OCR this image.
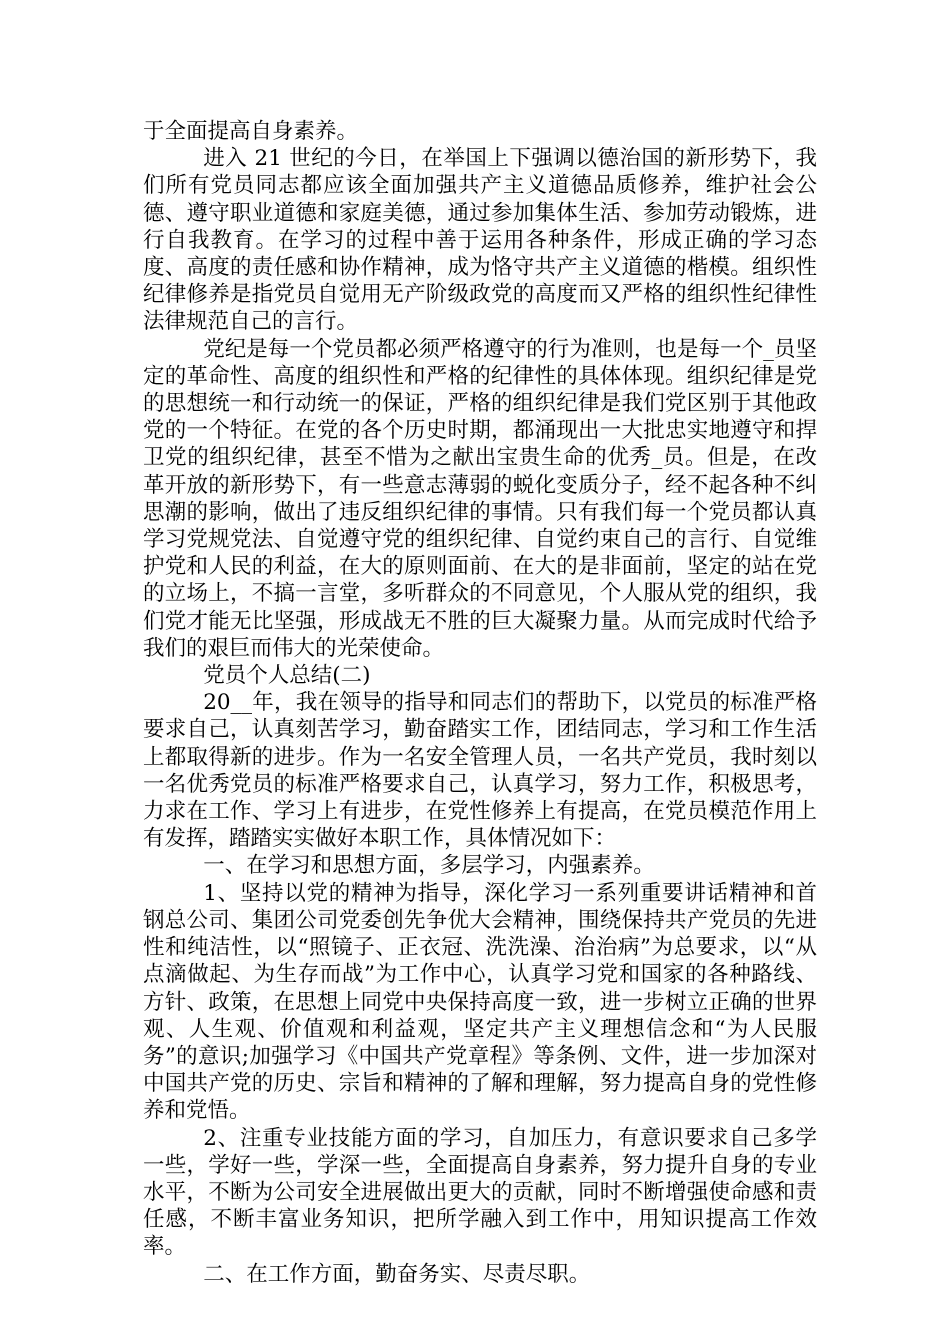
于全面提高自身素养。

进入 21 世纪的今日，在举国上下强调以德治国的新形势下，我们所有党员同志都应该全面加强共产主义道德品质修养，维护社会公德、遵守职业道德和家庭美德，通过参加集体生活、参加劳动锻炼，进行自我教育。在学习的过程中善于运用各种条件，形成正确的学习态度、高度的责任感和协作精神，成为恪守共产主义道德的楷模。组织性纪律修养是指党员自觉用无产阶级政党的高度而又严格的组织性纪律性法律规范自己的言行。

党纪是每一个党员都必须严格遵守的行为准则，也是每一个_员坚定的革命性、高度的组织性和严格的纪律性的具体体现。组织纪律是党的思想统一和行动统一的保证，严格的组织纪律是我们党区别于其他政党的一个特征。在党的各个历史时期，都涌现出一大批忠实地遵守和捍卫党的组织纪律，甚至不惜为之献出宝贵生命的优秀_员。但是，在改革开放的新形势下，有一些意志薄弱的蜕化变质分子，经不起各种不纠思潮的影响，做出了违反组织纪律的事情。只有我们每一个党员都认真学习党规党法、自觉遵守党的组织纪律、自觉约束自己的言行、自觉维护党和人民的利益，在大的原则面前、在大的是非面前，坚定的站在党的立场上，不搞一言堂，多听群众的不同意见，个人服从党的组织，我们党才能无比坚强，形成战无不胜的巨大凝聚力量。从而完成时代给予我们的艰巨而伟大的光荣使命。

党员个人总结(二)

20__年，我在领导的指导和同志们的帮助下，以党员的标准严格要求自己，认真刻苦学习，勤奋踏实工作，团结同志，学习和工作生活上都取得新的进步。作为一名安全管理人员，一名共产党员，我时刻以一名优秀党员的标准严格要求自己，认真学习，努力工作，积极思考，力求在工作、学习上有进步，在党性修养上有提高，在党员模范作用上有发挥，踏踏实实做好本职工作，具体情况如下：

一、在学习和思想方面，多层学习，内强素养。

1、坚持以党的精神为指导，深化学习一系列重要讲话精神和首钢总公司、集团公司党委创先争优大会精神，围绕保持共产党员的先进性和纯洁性，以“照镜子、正衣冠、洗洗澡、治治病”为总要求，以“从点滴做起、为生存而战”为工作中心，认真学习党和国家的各种路线、方针、政策，在思想上同党中央保持高度一致，进一步树立正确的世界观、人生观、价值观和利益观，坚定共产主义理想信念和“为人民服务”的意识;加强学习《中国共产党章程》等条例、文件，进一步加深对中国共产党的历史、宗旨和精神的了解和理解，努力提高自身的党性修养和党悟。

2、注重专业技能方面的学习，自加压力，有意识要求自己多学一些，学好一些，学深一些，全面提高自身素养，努力提升自身的专业水平，不断为公司安全进展做出更大的贡献，同时不断增强使命感和责任感，不断丰富业务知识，把所学融入到工作中，用知识提高工作效率。

二、在工作方面，勤奋务实、尽责尽职。
